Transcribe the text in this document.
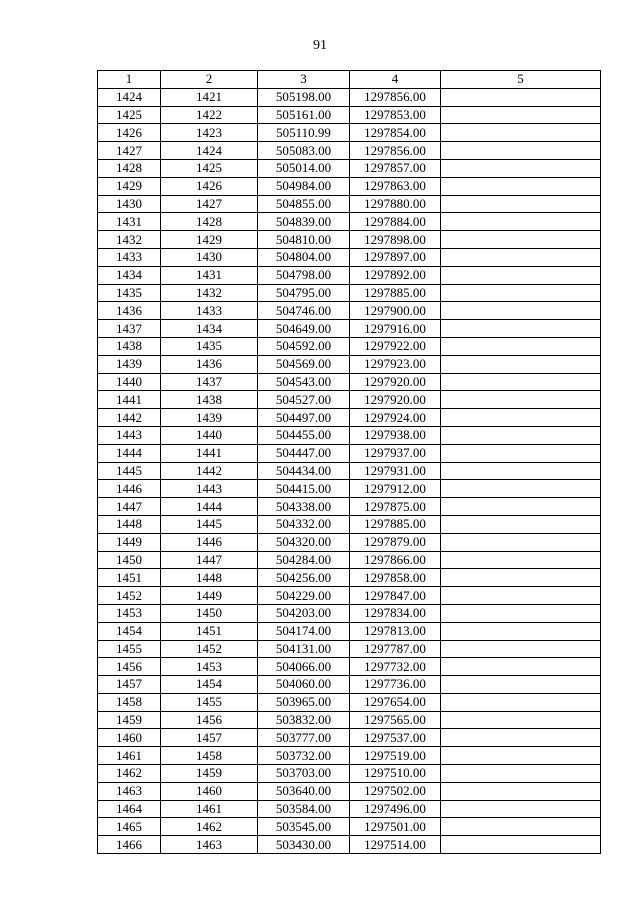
91
1	2	3	4	5
1424	1421	505198.00	1297856.00	
1425	1422	505161.00	1297853.00	
1426	1423	505110.99	1297854.00	
1427	1424	505083.00	1297856.00	
1428	1425	505014.00	1297857.00	
1429	1426	504984.00	1297863.00	
1430	1427	504855.00	1297880.00	
1431	1428	504839.00	1297884.00	
1432	1429	504810.00	1297898.00	
1433	1430	504804.00	1297897.00	
1434	1431	504798.00	1297892.00	
1435	1432	504795.00	1297885.00	
1436	1433	504746.00	1297900.00	
1437	1434	504649.00	1297916.00	
1438	1435	504592.00	1297922.00	
1439	1436	504569.00	1297923.00	
1440	1437	504543.00	1297920.00	
1441	1438	504527.00	1297920.00	
1442	1439	504497.00	1297924.00	
1443	1440	504455.00	1297938.00	
1444	1441	504447.00	1297937.00	
1445	1442	504434.00	1297931.00	
1446	1443	504415.00	1297912.00	
1447	1444	504338.00	1297875.00	
1448	1445	504332.00	1297885.00	
1449	1446	504320.00	1297879.00	
1450	1447	504284.00	1297866.00	
1451	1448	504256.00	1297858.00	
1452	1449	504229.00	1297847.00	
1453	1450	504203.00	1297834.00	
1454	1451	504174.00	1297813.00	
1455	1452	504131.00	1297787.00	
1456	1453	504066.00	1297732.00	
1457	1454	504060.00	1297736.00	
1458	1455	503965.00	1297654.00	
1459	1456	503832.00	1297565.00	
1460	1457	503777.00	1297537.00	
1461	1458	503732.00	1297519.00	
1462	1459	503703.00	1297510.00	
1463	1460	503640.00	1297502.00	
1464	1461	503584.00	1297496.00	
1465	1462	503545.00	1297501.00	
1466	1463	503430.00	1297514.00	
